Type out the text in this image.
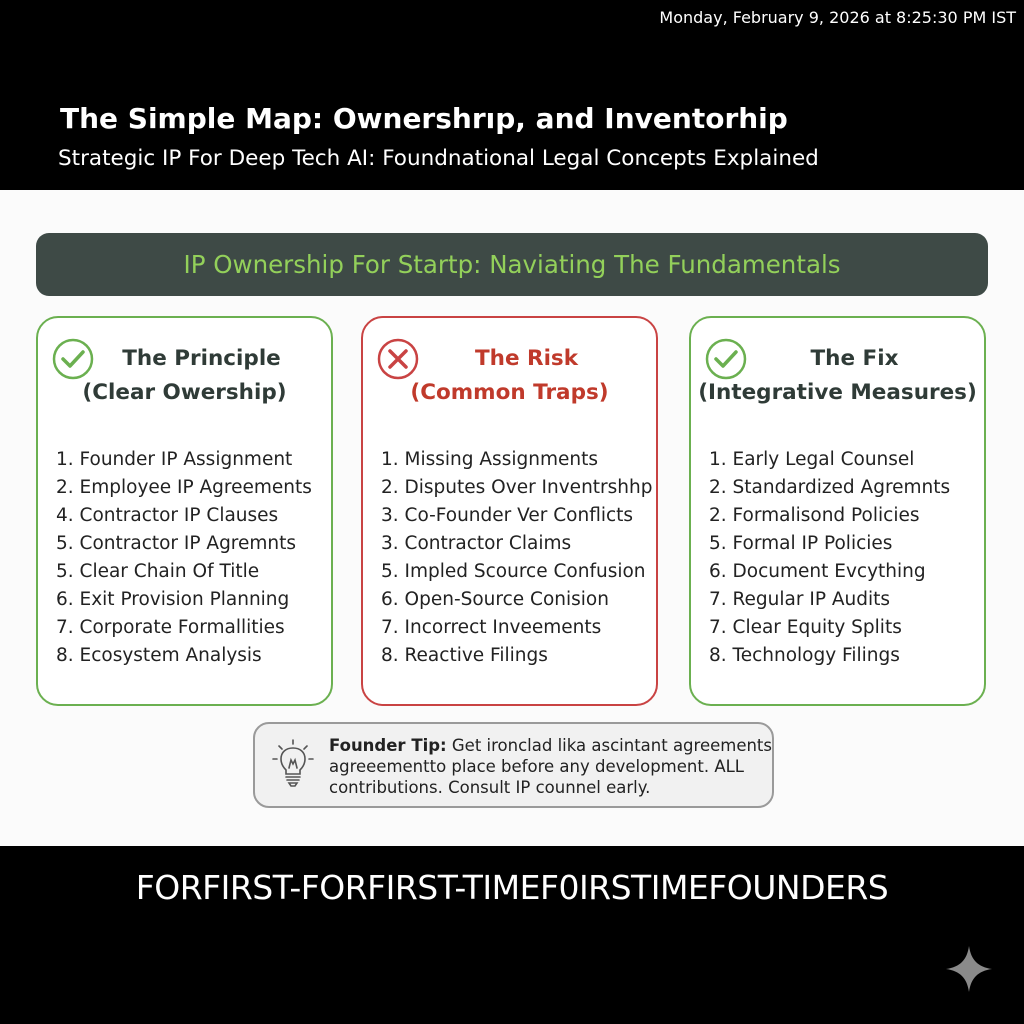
Monday, February 9, 2026 at 8:25:30 PM IST
The Simple Map: Ownershrıp, and Inventorhip
Strategic IP For Deep Tech AI: Foundnational Legal Concepts Explained
IP Ownership For Startp: Naviating The Fundamentals
The Principle
(Clear Owership)
1. Founder IP Assignment
2. Employee IP Agreements
4. Contractor IP Clauses
5. Contractor IP Agremnts
5. Clear Chain Of Title
6. Exit Provision Planning
7. Corporate Formallities
8. Ecosystem Analysis
The Risk
(Common Traps)
1. Missing Assignments
2. Disputes Over Inventrshhp
3. Co-Founder Ver Conflicts
3. Contractor Claims
5. Impled Scource Confusion
6. Open-Source Conision
7. Incorrect Inveements
8. Reactive Filings
The Fix
(Integrative Measures)
1. Early Legal Counsel
2. Standardized Agremnts
2. Formalisond Policies
5. Formal IP Policies
6. Document Evcything
7. Regular IP Audits
7. Clear Equity Splits
8. Technology Filings
Founder Tip: Get ironclad lika ascintant agreements
agreeementto place before any development. ALL
contributions. Consult IP counnel early.
FORFIRST-FORFIRST-TIMEF0IRSTIMEFOUNDERS
